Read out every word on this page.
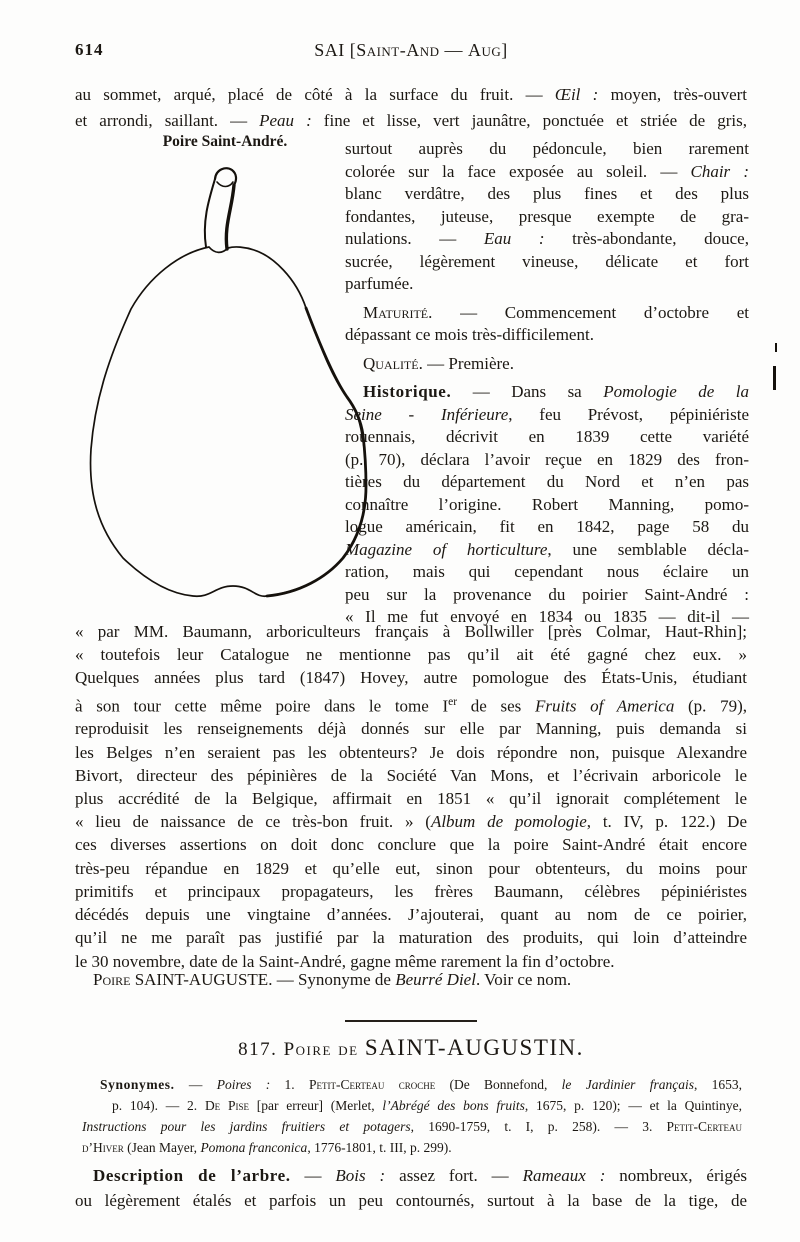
614	SAI [Saint-And — Aug]
au sommet, arqué, placé de côté à la surface du fruit. — Œil : moyen, très-ouvert
et arrondi, saillant. — Peau : fine et lisse, vert jaunâtre, ponctuée et striée de gris,
Poire Saint-André.	surtout auprès du pédoncule, bien rarement
colorée sur la face exposée au soleil. — Chair :
blanc verdâtre, des plus fines et des plus
fondantes, juteuse, presque exempte de gra-
nulations. — Eau : très-abondante, douce,
sucrée, légèrement vineuse, délicate et fort
parfumée.
Maturité. — Commencement d’octobre et
dépassant ce mois très-difficilement.
Qualité. — Première.
Historique. — Dans sa Pomologie de la
Seine - Inférieure, feu Prévost, pépiniériste
rouennais, décrivit en 1839 cette variété
(p. 70), déclara l’avoir reçue en 1829 des fron-
tières du département du Nord et n’en pas
connaître l’origine. Robert Manning, pomo-
logue américain, fit en 1842, page 58 du
Magazine of horticulture, une semblable décla-
ration, mais qui cependant nous éclaire un
peu sur la provenance du poirier Saint-André :
« Il me fut envoyé en 1834 ou 1835 — dit-il —
« par MM. Baumann, arboriculteurs français à Bollwiller [près Colmar, Haut-Rhin];
« toutefois leur Catalogue ne mentionne pas qu’il ait été gagné chez eux. »
Quelques années plus tard (1847) Hovey, autre pomologue des États-Unis, étudiant
à son tour cette même poire dans le tome Ier de ses Fruits of America (p. 79),
reproduisit les renseignements déjà donnés sur elle par Manning, puis demanda si
les Belges n’en seraient pas les obtenteurs? Je dois répondre non, puisque Alexandre
Bivort, directeur des pépinières de la Société Van Mons, et l’écrivain arboricole le
plus accrédité de la Belgique, affirmait en 1851 « qu’il ignorait complétement le
« lieu de naissance de ce très-bon fruit. » (Album de pomologie, t. IV, p. 122.) De
ces diverses assertions on doit donc conclure que la poire Saint-André était encore
très-peu répandue en 1829 et qu’elle eut, sinon pour obtenteurs, du moins pour
primitifs et principaux propagateurs, les frères Baumann, célèbres pépiniéristes
décédés depuis une vingtaine d’années. J’ajouterai, quant au nom de ce poirier,
qu’il ne me paraît pas justifié par la maturation des produits, qui loin d’atteindre
le 30 novembre, date de la Saint-André, gagne même rarement la fin d’octobre.
Poire SAINT-AUGUSTE. — Synonyme de Beurré Diel. Voir ce nom.
817. Poire de SAINT-AUGUSTIN.
Synonymes. — Poires : 1. Petit-Certeau croche (De Bonnefond, le Jardinier français, 1653,
p. 104). — 2. De Pise [par erreur] (Merlet, l’Abrégé des bons fruits, 1675, p. 120); — et la Quintinye,
Instructions pour les jardins fruitiers et potagers, 1690-1759, t. I, p. 258). — 3. Petit-Certeau
d’Hiver (Jean Mayer, Pomona franconica, 1776-1801, t. III, p. 299).
Description de l’arbre. — Bois : assez fort. — Rameaux : nombreux, érigés
ou légèrement étalés et parfois un peu contournés, surtout à la base de la tige, de
